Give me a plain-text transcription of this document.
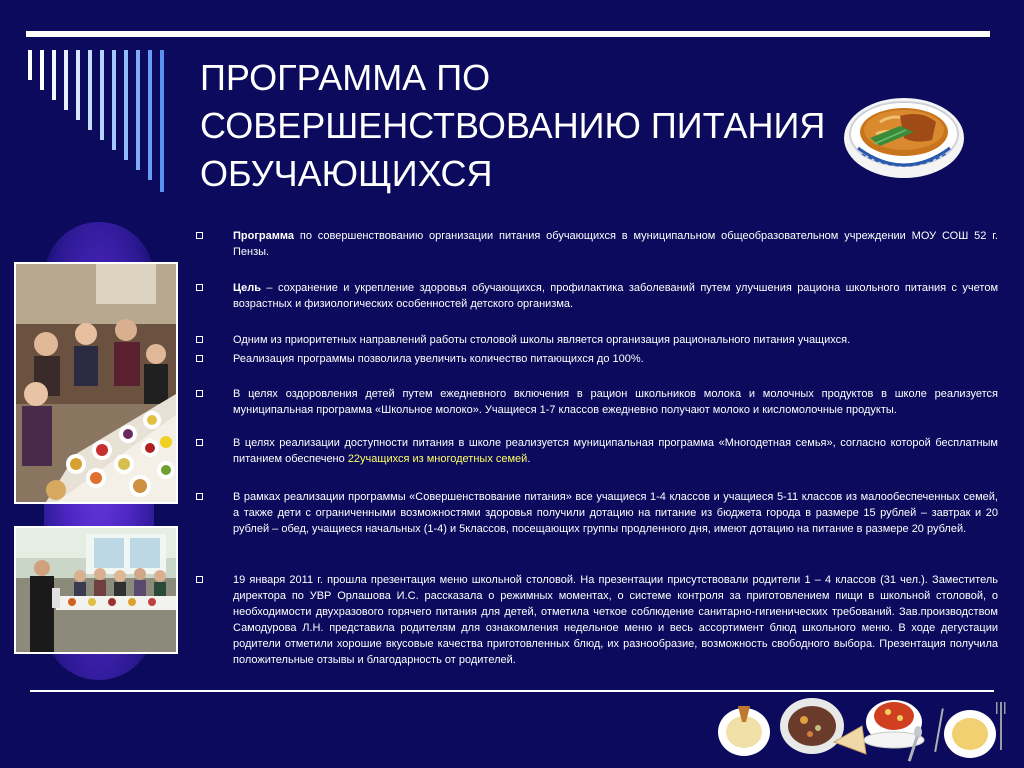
ПРОГРАММА ПО
СОВЕРШЕНСТВОВАНИЮ ПИТАНИЯ
ОБУЧАЮЩИХСЯ
Программа по совершенствованию организации питания обучающихся в муниципальном общеобразовательном учреждении МОУ СОШ 52 г. Пензы.
Цель – сохранение и укрепление здоровья обучающихся, профилактика заболеваний путем улучшения рациона школьного питания с учетом возрастных и физиологических особенностей детского организма.
Одним из приоритетных направлений работы столовой школы является организация рационального питания учащихся.
Реализация программы позволила увеличить количество питающихся до 100%.
В целях оздоровления детей путем ежедневного включения в рацион школьников молока и молочных продуктов в школе реализуется муниципальная программа «Школьное молоко». Учащиеся 1-7 классов ежедневно получают молоко и кисломолочные продукты.
В целях реализации доступности питания в школе реализуется муниципальная программа «Многодетная семья», согласно которой бесплатным питанием обеспечено 22учащихся из многодетных семей.
В рамках реализации программы «Совершенствование питания» все учащиеся 1-4 классов и учащиеся 5-11 классов из малообеспеченных семей, а также дети с ограниченными возможностями здоровья получили дотацию на питание из бюджета города в размере 15 рублей – завтрак и 20 рублей – обед, учащиеся начальных (1-4) и 5классов, посещающих группы продленного дня, имеют дотацию на питание в размере 20 рублей.
19 января 2011 г. прошла презентация меню школьной столовой. На презентации присутствовали родители 1 – 4 классов (31 чел.). Заместитель директора по УВР Орлашова И.С. рассказала о режимных моментах, о системе контроля за приготовлением пищи в школьной столовой, о необходимости двухразового горячего питания для детей, отметила четкое соблюдение санитарно-гигиенических требований. Зав.производством Самодурова Л.Н. представила родителям для ознакомления недельное меню и весь ассортимент блюд школьного меню. В ходе дегустации родители отметили хорошие вкусовые качества приготовленных блюд, их разнообразие, возможность свободного выбора. Презентация получила положительные отзывы и благодарность от родителей.
